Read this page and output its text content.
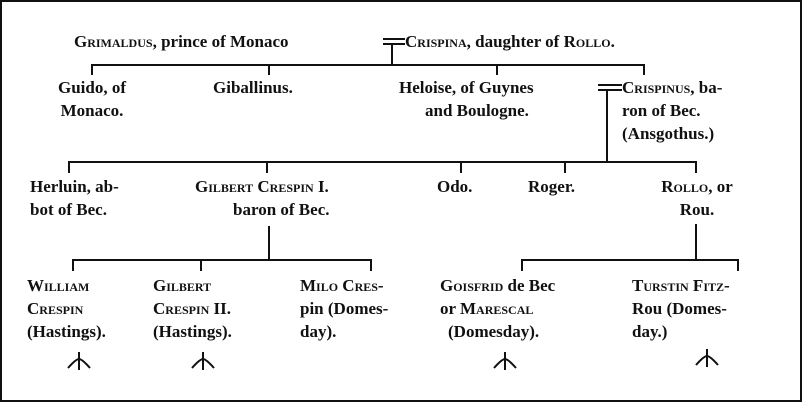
Grimaldus, prince of Monaco	Crispina, daughter of Rollo.
Guido, of
Monaco.
Giballinus.	Heloise, of Guynes
and Boulogne.
Crispinus, ba-
ron of Bec.
(Ansgothus.)
Herluin, ab-
bot of Bec.
Gilbert Crespin I.
baron of Bec.
Odo.	Roger.	Rollo, or
Rou.
William
Crespin
(Hastings).
Gilbert
Crespin II.
(Hastings).
Milo Cres-
pin (Domes-
day).
Goisfrid de Bec
or Marescal
(Domesday).
Turstin Fitz-
Rou (Domes-
day.)
